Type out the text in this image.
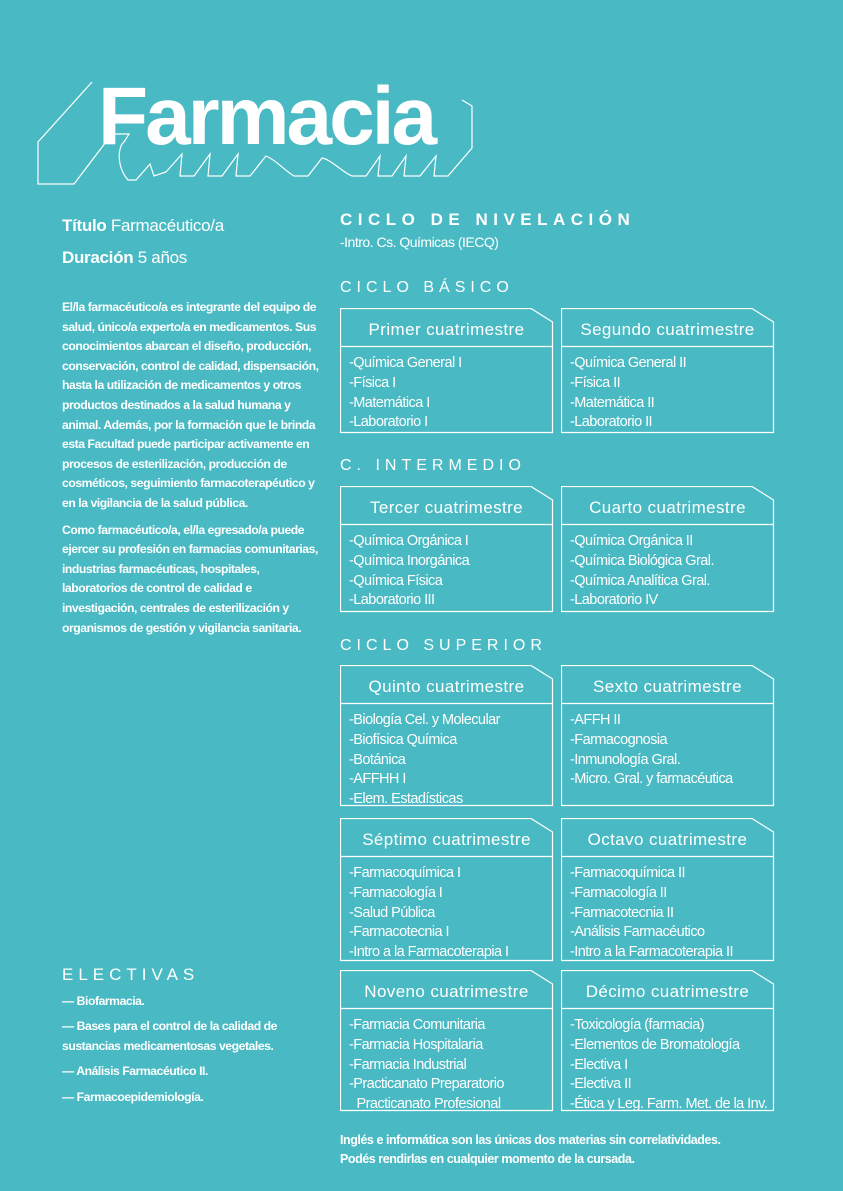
Farmacia
Título Farmacéutico/a
Duración 5 años

El/la farmacéutico/a es integrante del equipo de salud, único/a experto/a en medicamentos. Sus conocimientos abarcan el diseño, producción, conservación, control de calidad, dispensación, hasta la utilización de medicamentos y otros productos destinados a la salud humana y animal. Además, por la formación que le brinda esta Facultad puede participar activamente en procesos de esterilización, producción de cosméticos, seguimiento farmacoterapéutico y en la vigilancia de la salud pública.

Como farmacéutico/a, el/la egresado/a puede ejercer su profesión en farmacias comunitarias, industrias farmacéuticas, hospitales, laboratorios de control de calidad e investigación, centrales de esterilización y organismos de gestión y vigilancia sanitaria.

ELECTIVAS
— Biofarmacia.
— Bases para el control de la calidad de sustancias medicamentosas vegetales.
— Análisis Farmacéutico II.
— Farmacoepidemiología.
CICLO DE NIVELACIÓN
-Intro. Cs. Químicas (IECQ)
CICLO BÁSICO
C. INTERMEDIO
CICLO SUPERIOR
Primer cuatrimestre
-Química General I
-Física I
-Matemática I
-Laboratorio I
Segundo cuatrimestre
-Química General II
-Física II
-Matemática II
-Laboratorio II
Tercer cuatrimestre
-Química Orgánica I
-Química Inorgánica
-Química Física
-Laboratorio III
Cuarto cuatrimestre
-Química Orgánica II
-Química Biológica Gral.
-Química Analítica Gral.
-Laboratorio IV
Quinto cuatrimestre
-Biología Cel. y Molecular
-Biofísica Química
-Botánica
-AFFHH I
-Elem. Estadísticas
Sexto cuatrimestre
-AFFH II
-Farmacognosia
-Inmunología Gral.
-Micro. Gral. y farmacéutica
Séptimo cuatrimestre
-Farmacoquímica I
-Farmacología I
-Salud Pública
-Farmacotecnia I
-Intro a la Farmacoterapia I
Octavo cuatrimestre
-Farmacoquímica II
-Farmacología II
-Farmacotecnia II
-Análisis Farmacéutico
-Intro a la Farmacoterapia II
Noveno cuatrimestre
-Farmacia Comunitaria
-Farmacia Hospitalaria
-Farmacia Industrial
-Practicanato Preparatorio
_Practicanato Profesional
Décimo cuatrimestre
-Toxicología (farmacia)
-Elementos de Bromatología
-Electiva I
-Electiva II
-Ética y Leg. Farm. Met. de la Inv.
Inglés e informática son las únicas dos materias sin correlatividades.
Podés rendirlas en cualquier momento de la cursada.
